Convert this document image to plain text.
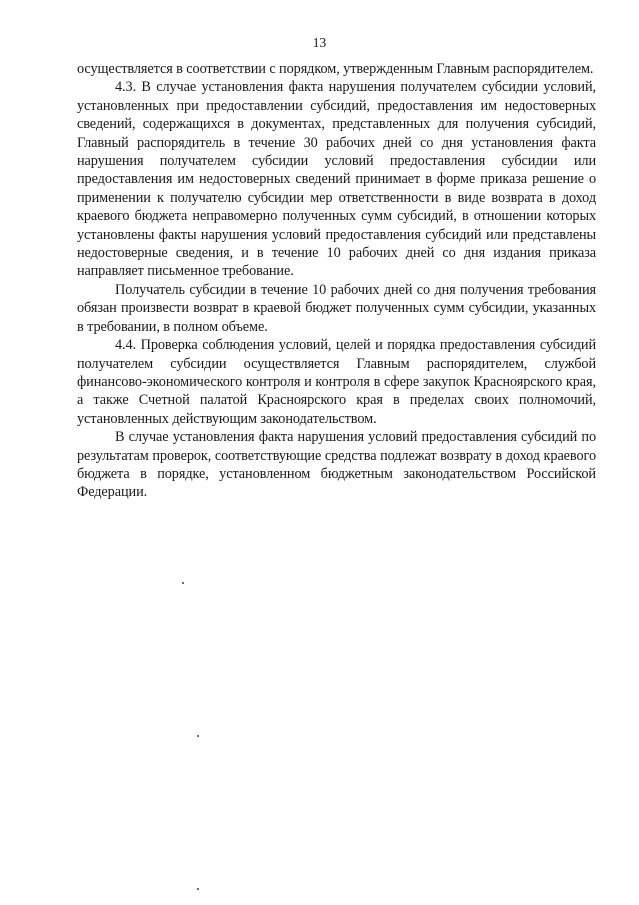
13

осуществляется в соответствии с порядком, утвержденным Главным распорядителем.

4.3. В случае установления факта нарушения получателем субсидии условий, установленных при предоставлении субсидий, предоставления им недостоверных сведений, содержащихся в документах, представленных для получения субсидий, Главный распорядитель в течение 30 рабочих дней со дня установления факта нарушения получателем субсидии условий предоставления субсидии или предоставления им недостоверных сведений принимает в форме приказа решение о применении к получателю субсидии мер ответственности в виде возврата в доход краевого бюджета неправомерно полученных сумм субсидий, в отношении которых установлены факты нарушения условий предоставления субсидий или представлены недостоверные сведения, и в течение 10 рабочих дней со дня издания приказа направляет письменное требование.

Получатель субсидии в течение 10 рабочих дней со дня получения требования обязан произвести возврат в краевой бюджет полученных сумм субсидии, указанных в требовании, в полном объеме.

4.4. Проверка соблюдения условий, целей и порядка предоставления субсидий получателем субсидии осуществляется Главным распорядителем, службой финансово-экономического контроля и контроля в сфере закупок Красноярского края, а также Счетной палатой Красноярского края в пределах своих полномочий, установленных действующим законодательством.

В случае установления факта нарушения условий предоставления субсидий по результатам проверок, соответствующие средства подлежат возврату в доход краевого бюджета в порядке, установленном бюджетным законодательством Российской Федерации.
